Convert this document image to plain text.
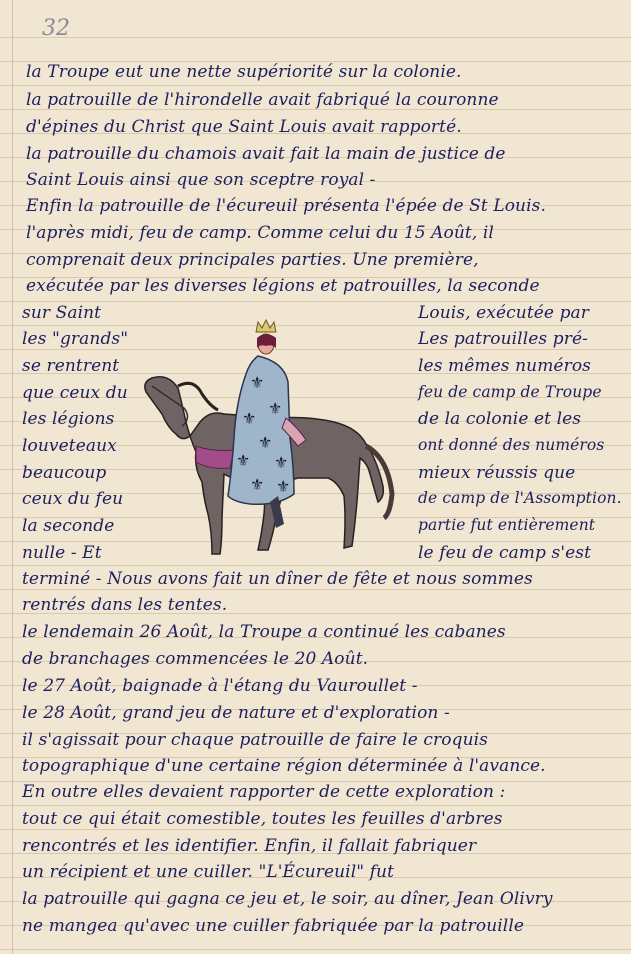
32
la Troupe eut une nette supériorité sur la colonie.
la patrouille de l'hirondelle avait fabriqué la couronne
d'épines du Christ que Saint Louis avait rapporté.
la patrouille du chamois avait fait la main de justice de
Saint Louis ainsi que son sceptre royal -
Enfin la patrouille de l'écureuil présenta l'épée de St Louis.
l'après midi, feu de camp. Comme celui du 15 Août, il
comprenait deux principales parties. Une première,
exécutée par les diverses légions et patrouilles, la seconde
sur Saint
les "grands"
se rentrent
que ceux du
les légions
louveteaux
beaucoup
ceux du feu
la seconde
nulle - Et
Louis, exécutée par
Les patrouilles pré-
les mêmes numéros
feu de camp de Troupe
de la colonie et les
ont donné des numéros
mieux réussis que
de camp de l'Assomption.
partie fut entièrement
le feu de camp s'est
⚜
⚜
⚜
⚜
⚜ ⚜
⚜ ⚜
terminé - Nous avons fait un dîner de fête et nous sommes
rentrés dans les tentes.
le lendemain 26 Août, la Troupe a continué les cabanes
de branchages commencées le 20 Août.
le 27 Août, baignade à l'étang du Vauroullet -
le 28 Août, grand jeu de nature et d'exploration -
il s'agissait pour chaque patrouille de faire le croquis
topographique d'une certaine région déterminée à l'avance.
En outre elles devaient rapporter de cette exploration :
tout ce qui était comestible, toutes les feuilles d'arbres
rencontrés et les identifier. Enfin, il fallait fabriquer
un récipient et une cuiller. "L'Écureuil" fut
la patrouille qui gagna ce jeu et, le soir, au dîner, Jean Olivry
ne mangea qu'avec une cuiller fabriquée par la patrouille
